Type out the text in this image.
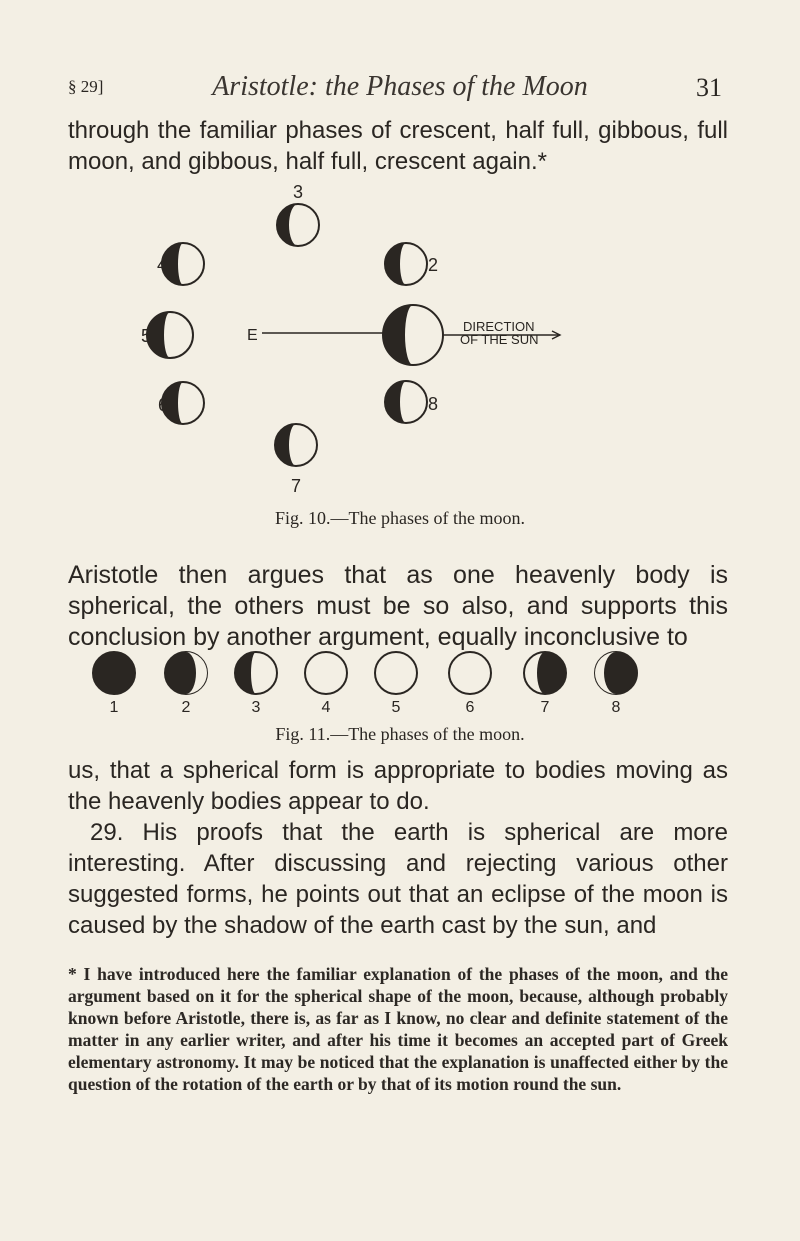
§ 29]	Aristotle: the Phases of the Moon	31

through the familiar phases of crescent, half full, gibbous, full moon, and gibbous, half full, crescent again.*

3
4	2
5	E
DIRECTION
OF THE SUN
6	8
7
Fig. 10.—The phases of the moon.

Aristotle then argues that as one heavenly body is spherical, the others must be so also, and supports this conclusion by another argument, equally inconclusive to

1	2	3	4	5	6	7	8
Fig. 11.—The phases of the moon.

us, that a spherical form is appropriate to bodies moving as the heavenly bodies appear to do.

29. His proofs that the earth is spherical are more interesting. After discussing and rejecting various other suggested forms, he points out that an eclipse of the moon is caused by the shadow of the earth cast by the sun, and

* I have introduced here the familiar explanation of the phases of the moon, and the argument based on it for the spherical shape of the moon, because, although probably known before Aristotle, there is, as far as I know, no clear and definite statement of the matter in any earlier writer, and after his time it becomes an accepted part of Greek elementary astronomy. It may be noticed that the explanation is unaffected either by the question of the rotation of the earth or by that of its motion round the sun.
